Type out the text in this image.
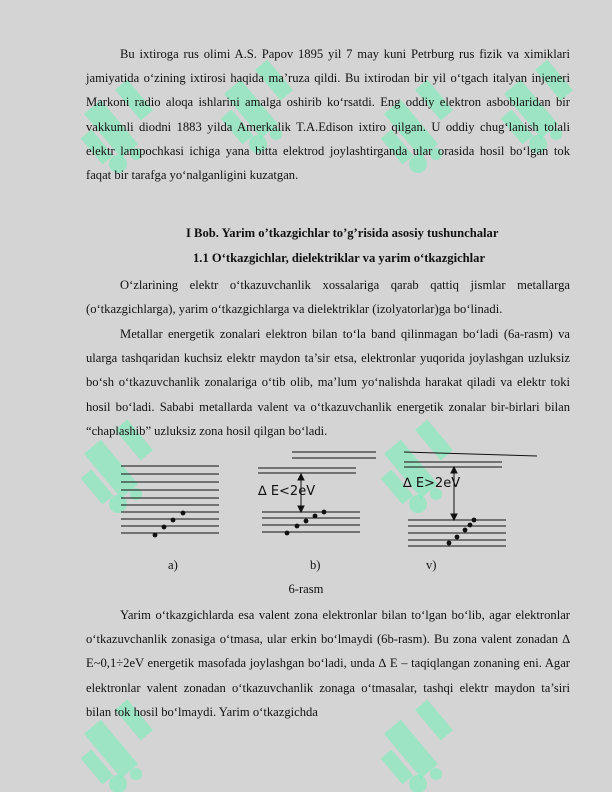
Bu ixtiroga rus olimi A.S. Papov 1895 yil 7 may kuni Petrburg rus fizik va ximiklari jamiyatida o‘zining ixtirosi haqida ma’ruza qildi. Bu ixtirodan bir yil o‘tgach italyan injeneri Markoni radio aloqa ishlarini amalga oshirib ko‘rsatdi. Eng oddiy elektron asboblaridan bir vakkumli diodni 1883 yilda Amerkalik T.A.Edison ixtiro qilgan. U oddiy chug‘lanish tolali elektr lampochkasi ichiga yana bitta elektrod joylashtirganda ular orasida hosil bo‘lgan tok faqat bir tarafga yo‘nalganligini kuzatgan.

I Bob. Yarim o’tkazgichlar to’g’risida asosiy tushunchalar

1.1 O‘tkazgichlar, dielektriklar va yarim o‘tkazgichlar

O‘zlarining elektr o‘tkazuvchanlik xossalariga qarab qattiq jismlar metallarga (o‘tkazgichlarga), yarim o‘tkazgichlarga va dielektriklar (izolyatorlar)ga bo‘linadi.

Metallar energetik zonalari elektron bilan to‘la band qilinmagan bo‘ladi (6a-rasm) va ularga tashqaridan kuchsiz elektr maydon ta’sir etsa, elektronlar yuqorida joylashgan uzluksiz bo‘sh o‘tkazuvchanlik zonalariga o‘tib olib, ma’lum yo‘nalishda harakat qiladi va elektr toki hosil bo‘ladi. Sababi metallarda valent va o‘tkazuvchanlik energetik zonalar bir-birlari bilan “chaplashib” uzluksiz zona hosil qilgan bo‘ladi.

∆ E<2eV

∆ E>2eV

a)	b)	v)

6-rasm

Yarim o‘tkazgichlarda esa valent zona elektronlar bilan to‘lgan bo‘lib, agar elektronlar o‘tkazuvchanlik zonasiga o‘tmasa, ular erkin bo‘lmaydi (6b-rasm). Bu zona valent zonadan ∆ E~0,1÷2eV energetik masofada joylashgan bo‘ladi, unda ∆ E – taqiqlangan zonaning eni. Agar elektronlar valent zonadan o‘tkazuvchanlik zonaga o‘tmasalar, tashqi elektr maydon ta’siri bilan tok hosil bo‘lmaydi. Yarim o‘tkazgichda
